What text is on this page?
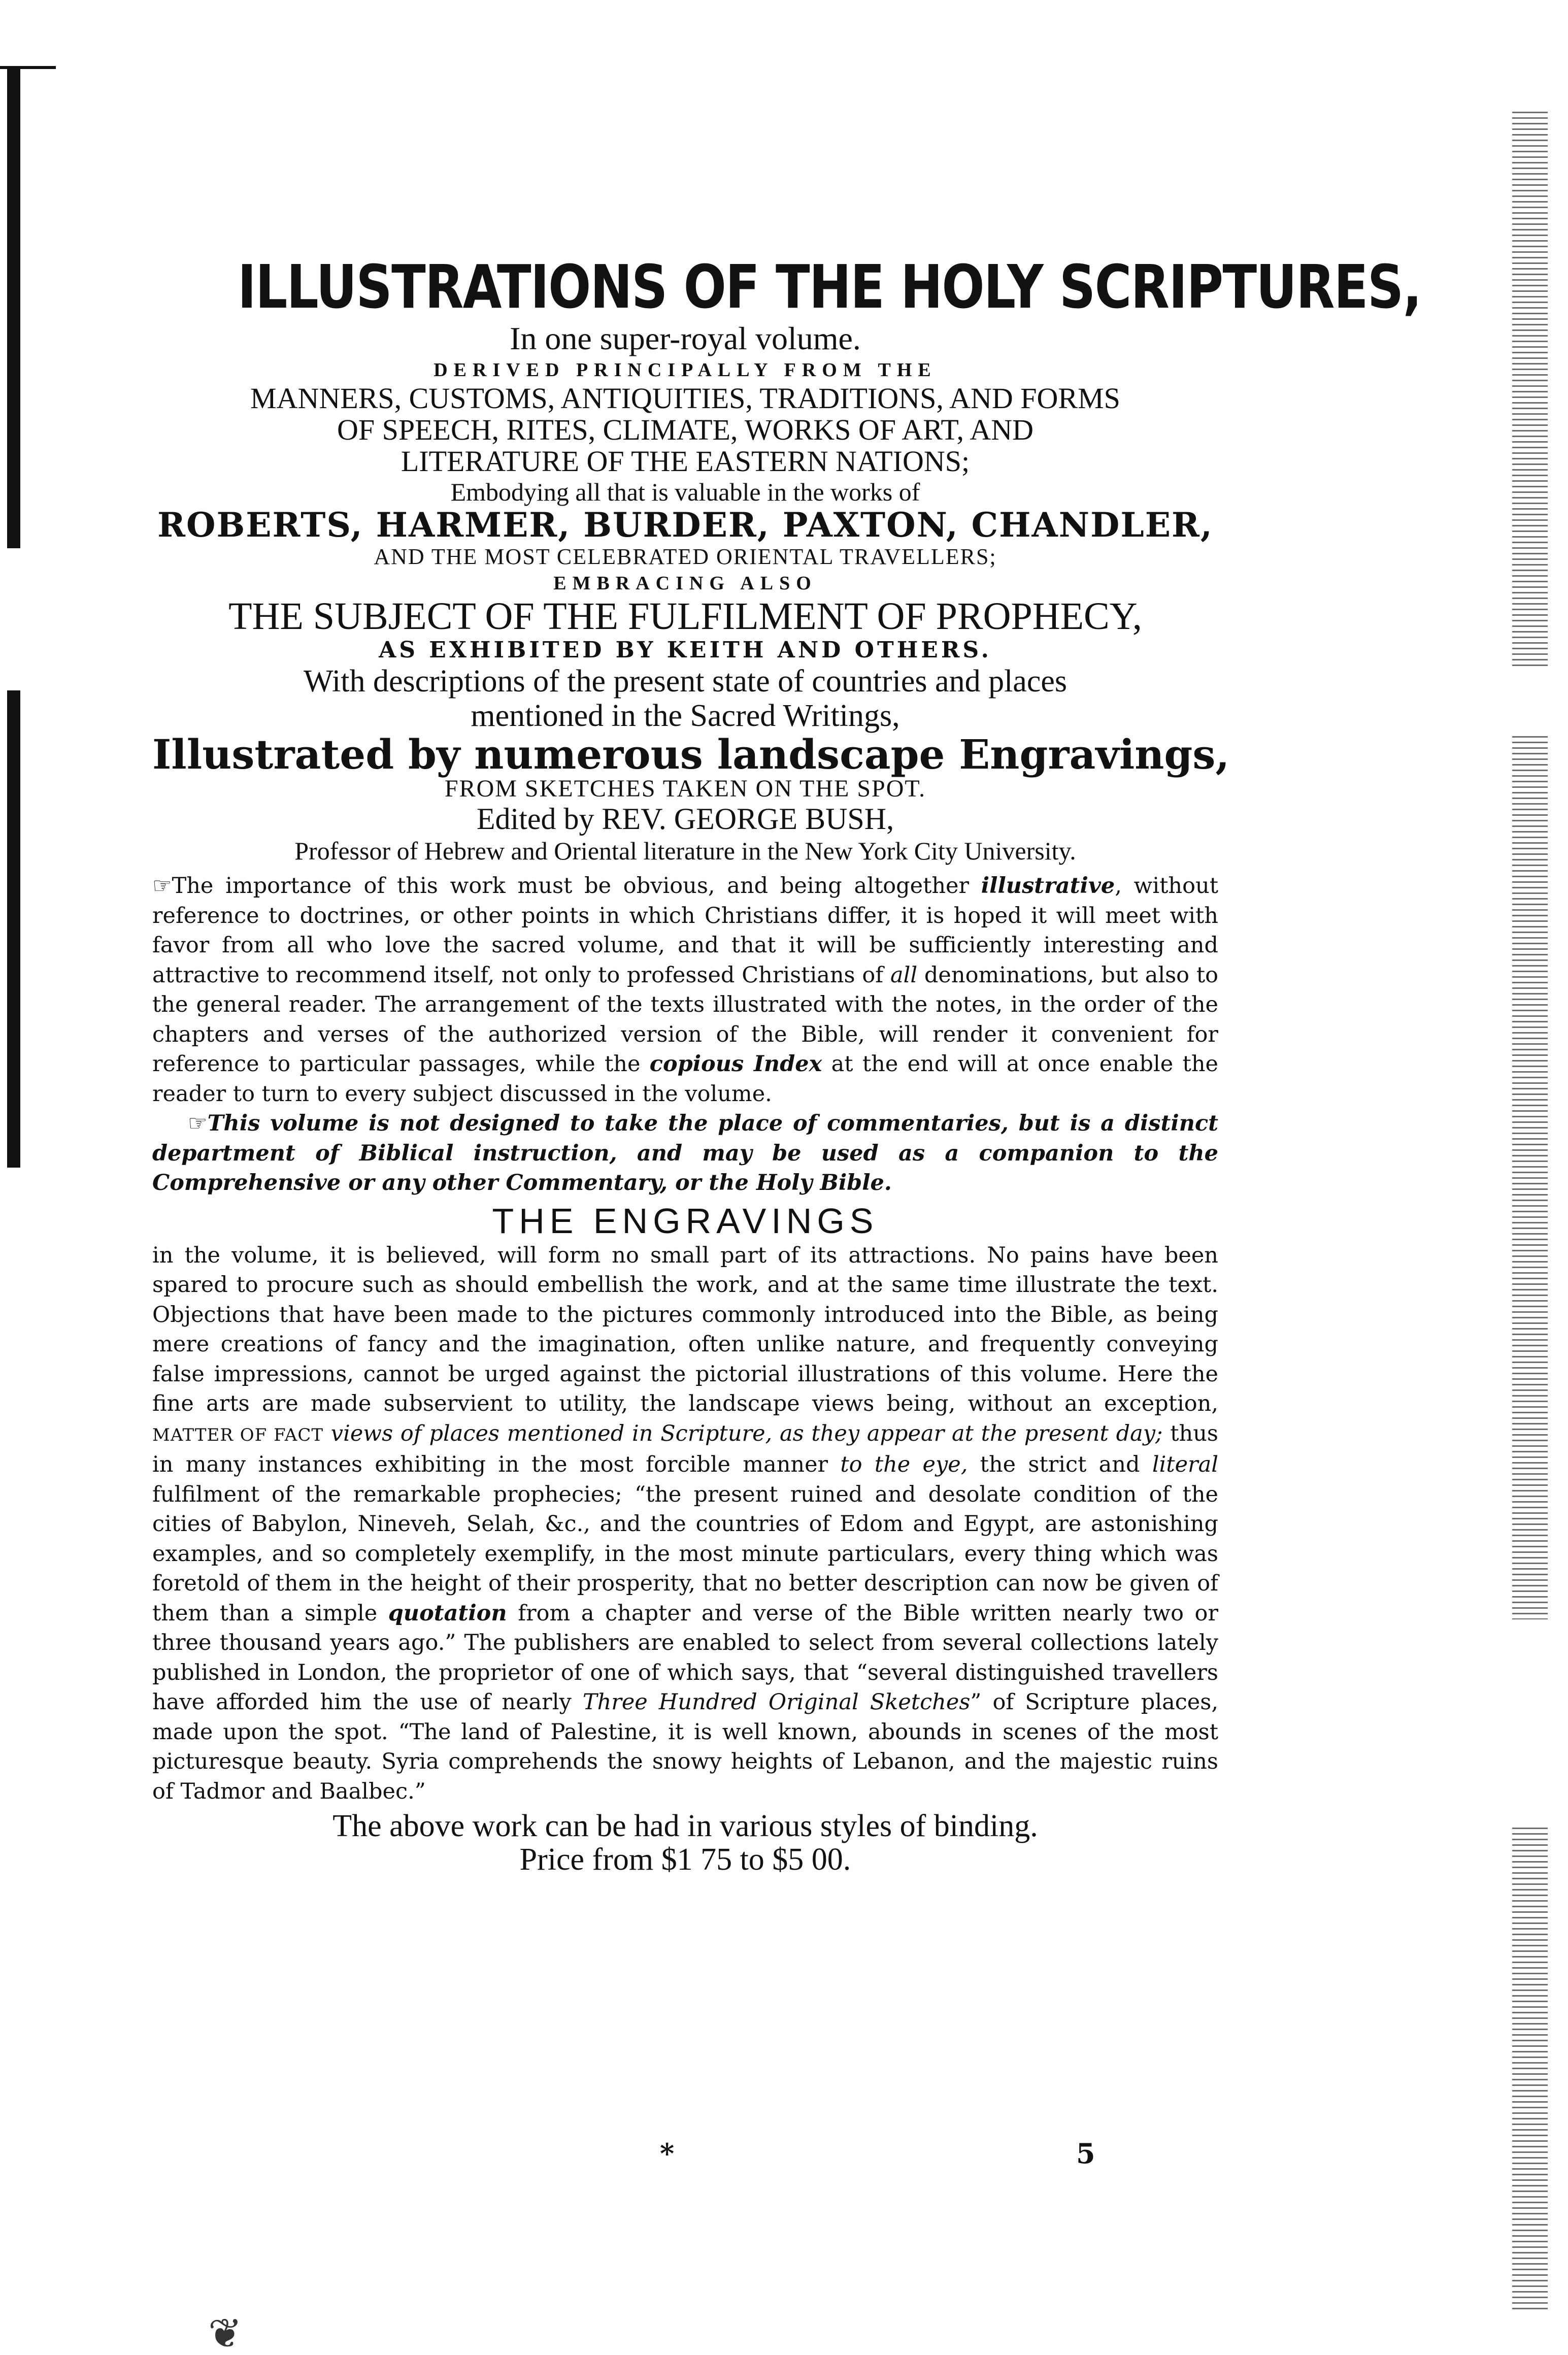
ILLUSTRATIONS OF THE HOLY SCRIPTURES,

In one super-royal volume.

DERIVED PRINCIPALLY FROM THE

MANNERS, CUSTOMS, ANTIQUITIES, TRADITIONS, AND FORMS

OF SPEECH, RITES, CLIMATE, WORKS OF ART, AND

LITERATURE OF THE EASTERN NATIONS;

Embodying all that is valuable in the works of

ROBERTS, HARMER, BURDER, PAXTON, CHANDLER,

AND THE MOST CELEBRATED ORIENTAL TRAVELLERS;

EMBRACING ALSO

THE SUBJECT OF THE FULFILMENT OF PROPHECY,

AS EXHIBITED BY KEITH AND OTHERS.

With descriptions of the present state of countries and places

mentioned in the Sacred Writings,

Illustrated by numerous landscape Engravings,

FROM SKETCHES TAKEN ON THE SPOT.

Edited by REV. GEORGE BUSH,

Professor of Hebrew and Oriental literature in the New York City University.

☞The importance of this work must be obvious, and being altogether illustrative, without reference to doctrines, or other points in which Christians differ, it is hoped it will meet with favor from all who love the sacred volume, and that it will be sufficiently interesting and attractive to recommend itself, not only to professed Christians of all denominations, but also to the general reader. The arrangement of the texts illustrated with the notes, in the order of the chapters and verses of the authorized version of the Bible, will render it convenient for reference to particular passages, while the copious Index at the end will at once enable the reader to turn to every subject discussed in the volume.

☞This volume is not designed to take the place of commentaries, but is a distinct department of Biblical instruction, and may be used as a companion to the Comprehensive or any other Commentary, or the Holy Bible.

THE ENGRAVINGS

in the volume, it is believed, will form no small part of its attractions. No pains have been spared to procure such as should embellish the work, and at the same time illustrate the text. Objections that have been made to the pictures commonly introduced into the Bible, as being mere creations of fancy and the imagination, often unlike nature, and frequently conveying false impressions, cannot be urged against the pictorial illustrations of this volume. Here the fine arts are made subservient to utility, the landscape views being, without an exception, MATTER OF FACT views of places mentioned in Scripture, as they appear at the present day; thus in many instances exhibiting in the most forcible manner to the eye, the strict and literal fulfilment of the remarkable prophecies; “the present ruined and desolate condition of the cities of Babylon, Nineveh, Selah, &c., and the countries of Edom and Egypt, are astonishing examples, and so completely exemplify, in the most minute particulars, every thing which was foretold of them in the height of their prosperity, that no better description can now be given of them than a simple quotation from a chapter and verse of the Bible written nearly two or three thousand years ago.” The publishers are enabled to select from several collections lately published in London, the proprietor of one of which says, that “several distinguished travellers have afforded him the use of nearly Three Hundred Original Sketches” of Scripture places, made upon the spot. “The land of Palestine, it is well known, abounds in scenes of the most picturesque beauty. Syria comprehends the snowy heights of Lebanon, and the majestic ruins of Tadmor and Baalbec.”

The above work can be had in various styles of binding.

Price from $1 75 to $5 00.

*	5
❦
